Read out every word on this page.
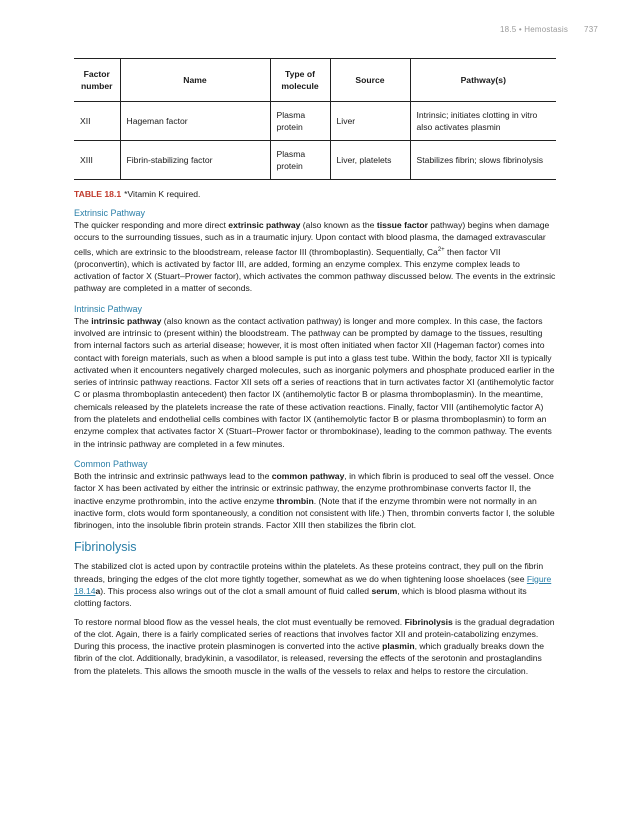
18.5 • Hemostasis 737
Factor number	Name	Type of molecule	Source	Pathway(s)
XII	Hageman factor	Plasma protein	Liver	Intrinsic; initiates clotting in vitro also activates plasmin
XIII	Fibrin-stabilizing factor	Plasma protein	Liver, platelets	Stabilizes fibrin; slows fibrinolysis
TABLE 18.1 *Vitamin K required.
Extrinsic Pathway

The quicker responding and more direct extrinsic pathway (also known as the tissue factor pathway) begins when damage occurs to the surrounding tissues, such as in a traumatic injury. Upon contact with blood plasma, the damaged extravascular cells, which are extrinsic to the bloodstream, release factor III (thromboplastin). Sequentially, $Ca^{2+}$ then factor VII (proconvertin), which is activated by factor III, are added, forming an enzyme complex. This enzyme complex leads to activation of factor X (Stuart–Prower factor), which activates the common pathway discussed below. The events in the extrinsic pathway are completed in a matter of seconds.

Intrinsic Pathway

The intrinsic pathway (also known as the contact activation pathway) is longer and more complex. In this case, the factors involved are intrinsic to (present within) the bloodstream. The pathway can be prompted by damage to the tissues, resulting from internal factors such as arterial disease; however, it is most often initiated when factor XII (Hageman factor) comes into contact with foreign materials, such as when a blood sample is put into a glass test tube. Within the body, factor XII is typically activated when it encounters negatively charged molecules, such as inorganic polymers and phosphate produced earlier in the series of intrinsic pathway reactions. Factor XII sets off a series of reactions that in turn activates factor XI (antihemolytic factor C or plasma thromboplastin antecedent) then factor IX (antihemolytic factor B or plasma thromboplasmin). In the meantime, chemicals released by the platelets increase the rate of these activation reactions. Finally, factor VIII (antihemolytic factor A) from the platelets and endothelial cells combines with factor IX (antihemolytic factor B or plasma thromboplasmin) to form an enzyme complex that activates factor X (Stuart–Prower factor or thrombokinase), leading to the common pathway. The events in the intrinsic pathway are completed in a few minutes.

Common Pathway

Both the intrinsic and extrinsic pathways lead to the common pathway, in which fibrin is produced to seal off the vessel. Once factor X has been activated by either the intrinsic or extrinsic pathway, the enzyme prothrombinase converts factor II, the inactive enzyme prothrombin, into the active enzyme thrombin. (Note that if the enzyme thrombin were not normally in an inactive form, clots would form spontaneously, a condition not consistent with life.) Then, thrombin converts factor I, the soluble fibrinogen, into the insoluble fibrin protein strands. Factor XIII then stabilizes the fibrin clot.

Fibrinolysis

The stabilized clot is acted upon by contractile proteins within the platelets. As these proteins contract, they pull on the fibrin threads, bringing the edges of the clot more tightly together, somewhat as we do when tightening loose shoelaces (see Figure 18.14a). This process also wrings out of the clot a small amount of fluid called serum, which is blood plasma without its clotting factors.

To restore normal blood flow as the vessel heals, the clot must eventually be removed. Fibrinolysis is the gradual degradation of the clot. Again, there is a fairly complicated series of reactions that involves factor XII and protein-catabolizing enzymes. During this process, the inactive protein plasminogen is converted into the active plasmin, which gradually breaks down the fibrin of the clot. Additionally, bradykinin, a vasodilator, is released, reversing the effects of the serotonin and prostaglandins from the platelets. This allows the smooth muscle in the walls of the vessels to relax and helps to restore the circulation.
